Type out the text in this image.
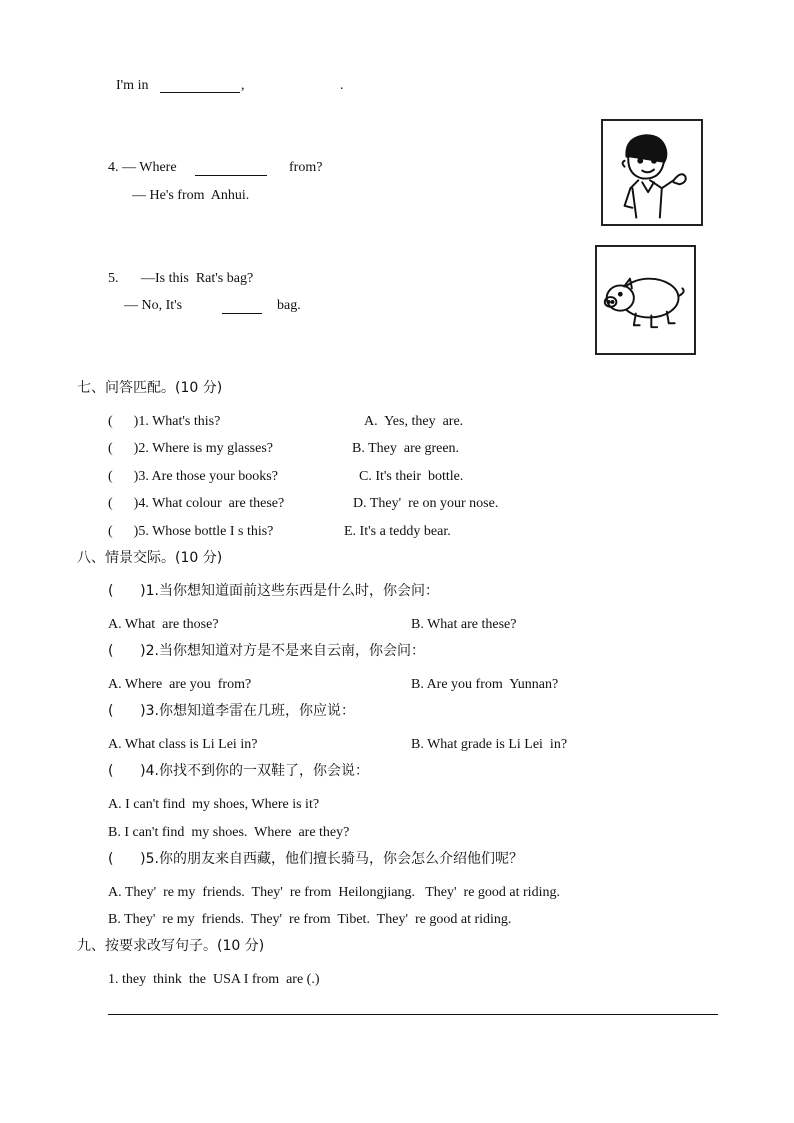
I'm in	,	.
4. — Where	from?
— He's from  Anhui.
5. —Is this  Rat's bag?
— No, It's	bag.
七、问答匹配。(10 分)
(      )1. What's this?	A.  Yes, they  are.
(      )2. Where is my glasses?	B. They  are green.
(      )3. Are those your books?	C. It's their  bottle.
(      )4. What colour  are these?	D. They'  re on your nose.
(      )5. Whose bottle I s this?	E. It's a teddy bear.
八、情景交际。(10 分)
(      )1.当你想知道面前这些东西是什么时，你会问：
A. What  are those?	B. What are these?
(      )2.当你想知道对方是不是来自云南，你会问：
A. Where  are you  from?	B. Are you from  Yunnan?
(      )3.你想知道李雷在几班，你应说：
A. What class is Li Lei in?	B. What grade is Li Lei  in?
(      )4.你找不到你的一双鞋了，你会说：
A. I can't find  my shoes, Where is it?
B. I can't find  my shoes.  Where  are they?
(      )5.你的朋友来自西藏，他们擅长骑马，你会怎么介绍他们呢？
A. They'  re my  friends.  They'  re from  Heilongjiang.   They'  re good at riding.
B. They'  re my  friends.  They'  re from  Tibet.  They'  re good at riding.
九、按要求改写句子。(10 分)
1. they  think  the  USA I from  are (.)
